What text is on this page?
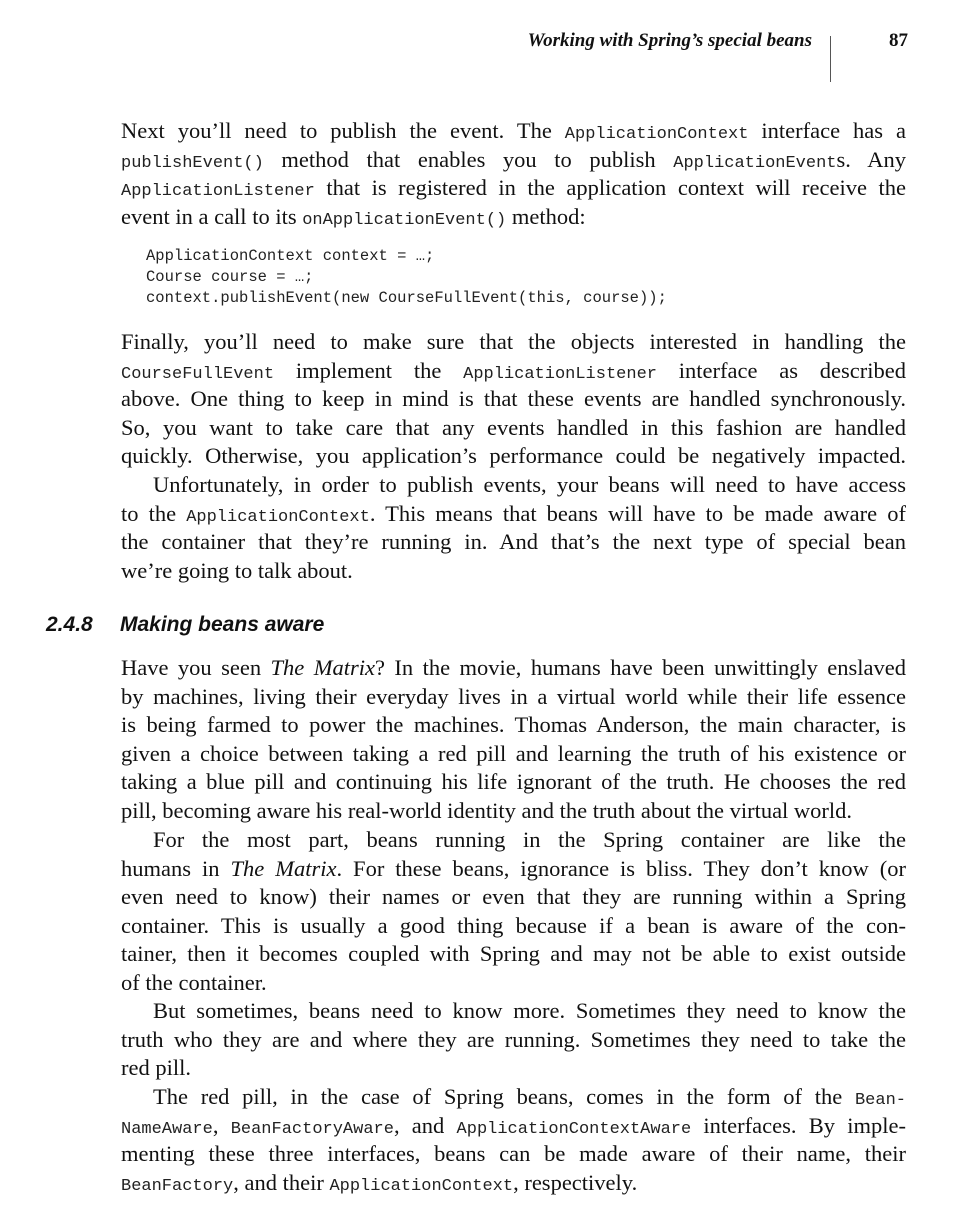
Working with Spring’s special beans	87
Next you’ll need to publish the event. The ApplicationContext interface has a
publishEvent() method that enables you to publish ApplicationEvents. Any
ApplicationListener that is registered in the application context will receive the
event in a call to its onApplicationEvent() method:
ApplicationContext context = …;
Course course = …;
context.publishEvent(new CourseFullEvent(this, course));
Finally, you’ll need to make sure that the objects interested in handling the
CourseFullEvent implement the ApplicationListener interface as described
above. One thing to keep in mind is that these events are handled synchronously.
So, you want to take care that any events handled in this fashion are handled
quickly. Otherwise, you application’s performance could be negatively impacted.
Unfortunately, in order to publish events, your beans will need to have access
to the ApplicationContext. This means that beans will have to be made aware of
the container that they’re running in. And that’s the next type of special bean
we’re going to talk about.
2.4.8 Making beans aware
Have you seen The Matrix? In the movie, humans have been unwittingly enslaved
by machines, living their everyday lives in a virtual world while their life essence
is being farmed to power the machines. Thomas Anderson, the main character, is
given a choice between taking a red pill and learning the truth of his existence or
taking a blue pill and continuing his life ignorant of the truth. He chooses the red
pill, becoming aware his real-world identity and the truth about the virtual world.
For the most part, beans running in the Spring container are like the
humans in The Matrix. For these beans, ignorance is bliss. They don’t know (or
even need to know) their names or even that they are running within a Spring
container. This is usually a good thing because if a bean is aware of the con-
tainer, then it becomes coupled with Spring and may not be able to exist outside
of the container.
But sometimes, beans need to know more. Sometimes they need to know the
truth who they are and where they are running. Sometimes they need to take the
red pill.
The red pill, in the case of Spring beans, comes in the form of the Bean-
NameAware, BeanFactoryAware, and ApplicationContextAware interfaces. By imple-
menting these three interfaces, beans can be made aware of their name, their
BeanFactory, and their ApplicationContext, respectively.
